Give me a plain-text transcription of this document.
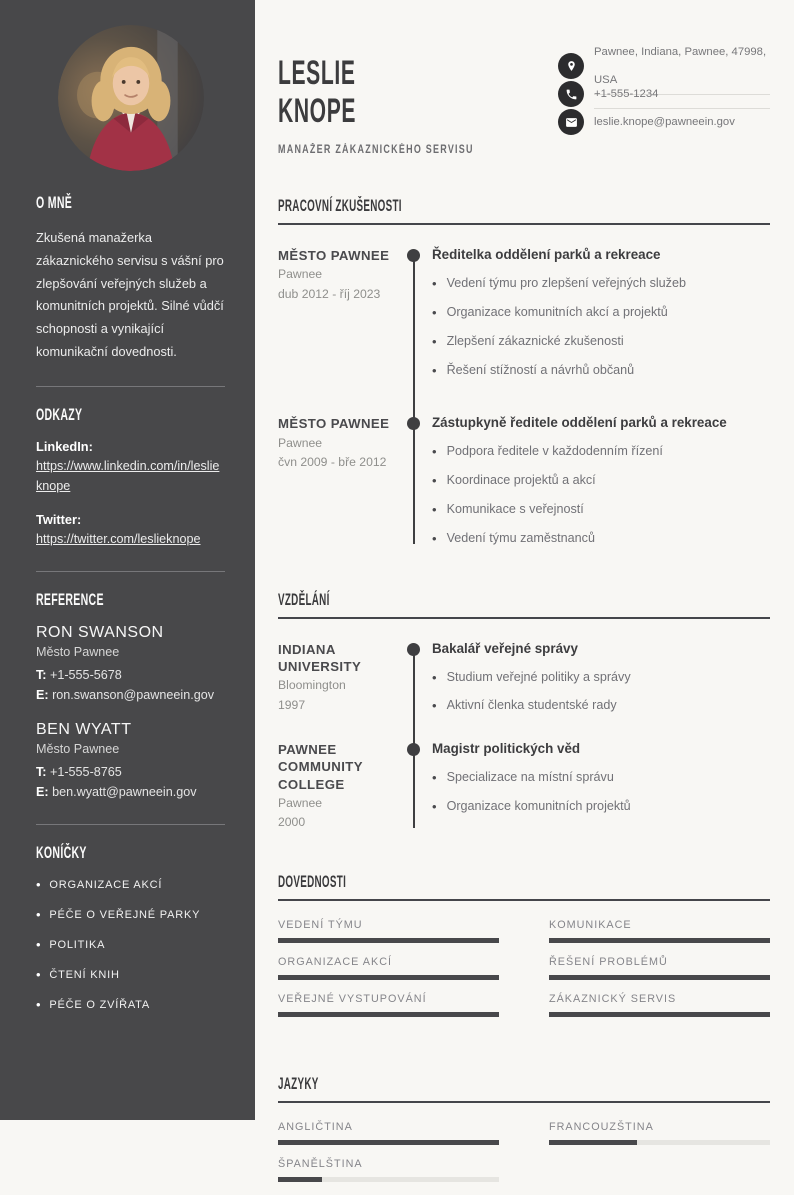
O MNĚ

Zkušená manažerka zákaznického servisu s vášní pro zlepšování veřejných služeb a komunitních projektů. Silné vůdčí schopnosti a vynikající komunikační dovednosti.

ODKAZY
LinkedIn:
https://www.linkedin.com/in/leslieknope
Twitter:
https://twitter.com/leslieknope
REFERENCE
RON SWANSON
Město Pawnee
T: +1-555-5678
E: ron.swanson@pawneein.gov
BEN WYATT
Město Pawnee
T: +1-555-8765
E: ben.wyatt@pawneein.gov
KONÍČKY
• ORGANIZACE AKCÍ
• PÉČE O VEŘEJNÉ PARKY
• POLITIKA
• ČTENÍ KNIH
• PÉČE O ZVÍŘATA
LESLIE
KNOPE
MANAŽER ZÁKAZNICKÉHO SERVISU
Pawnee, Indiana, Pawnee, 47998, USA
+1-555-1234
leslie.knope@pawneein.gov
PRACOVNÍ ZKUŠENOSTI
MĚSTO PAWNEE
Pawnee
dub 2012 - říj 2023
Ředitelka oddělení parků a rekreace
• Vedení týmu pro zlepšení veřejných služeb
• Organizace komunitních akcí a projektů
• Zlepšení zákaznické zkušenosti
• Řešení stížností a návrhů občanů
MĚSTO PAWNEE
Pawnee
čvn 2009 - bře 2012
Zástupkyně ředitele oddělení parků a rekreace
• Podpora ředitele v každodenním řízení
• Koordinace projektů a akcí
• Komunikace s veřejností
• Vedení týmu zaměstnanců
VZDĚLÁNÍ
INDIANA UNIVERSITY
Bloomington
1997
Bakalář veřejné správy
• Studium veřejné politiky a správy
• Aktivní členka studentské rady
PAWNEE COMMUNITY COLLEGE
Pawnee
2000
Magistr politických věd
• Specializace na místní správu
• Organizace komunitních projektů
DOVEDNOSTI
VEDENÍ TÝMU	KOMUNIKACE
ORGANIZACE AKCÍ	ŘEŠENÍ PROBLÉMŮ
VEŘEJNÉ VYSTUPOVÁNÍ	ZÁKAZNICKÝ SERVIS
JAZYKY
ANGLIČTINA	FRANCOUZŠTINA
ŠPANĚLŠTINA
